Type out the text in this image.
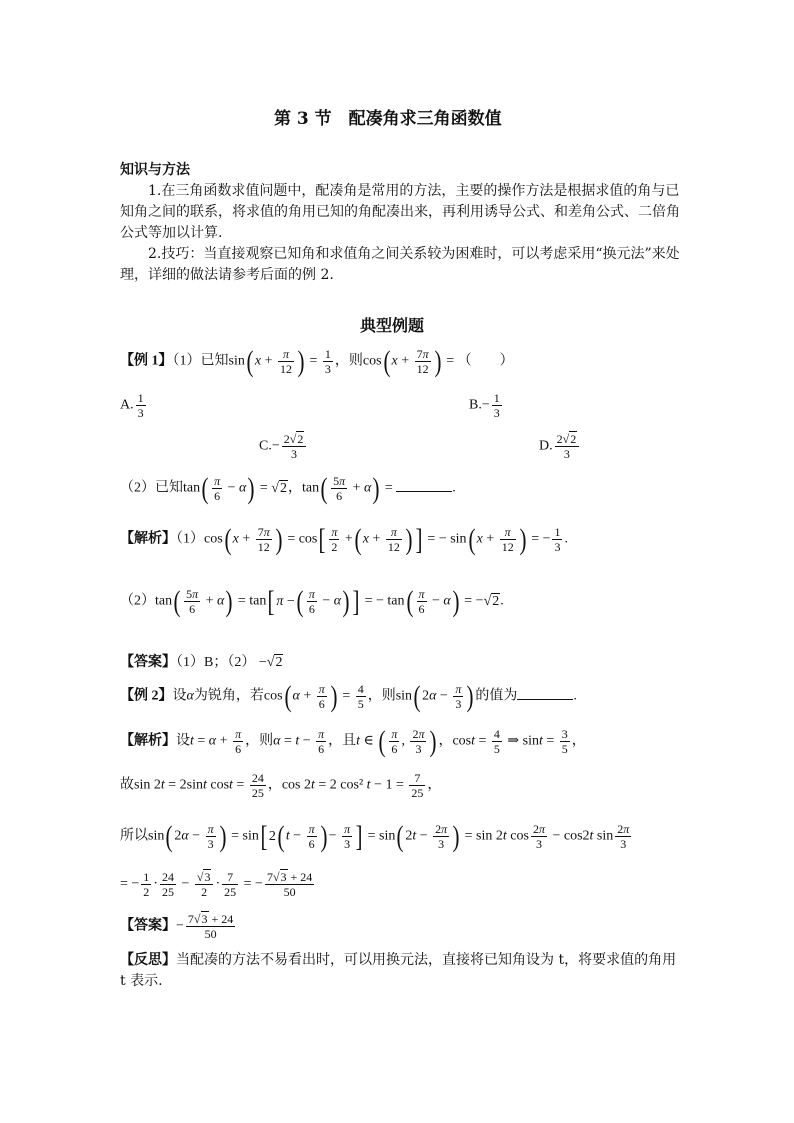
第 3 节　配凑角求三角函数值
知识与方法

1.在三角函数求值问题中，配凑角是常用的方法，主要的操作方法是根据求值的角与已知角之间的联系，将求值的角用已知的角配凑出来，再利用诱导公式、和差角公式、二倍角公式等加以计算.

2.技巧：当直接观察已知角和求值角之间关系较为困难时，可以考虑采用“换元法”来处理，详细的做法请参考后面的例 2.

典型例题
【例 1】（1）已知sin( $x + \frac{\pi}{12}$ ) = $\frac{1}{3}$ ，则cos( $x + \frac{7\pi}{12}$ ) = （　　）
A. $\frac{1}{3}$	$B.- \frac{1}{3}$
$C.- \frac{2√2}{3}$	D. $\frac{2√2}{3}$
（2）已知$\tan( \frac{\pi}{6} - \alpha) = √2$，$\tan( \frac{5\pi}{6} + \alpha)$ =	.
【解析】（1）cos( $x + \frac{7\pi}{12}$ ) = $\cos[ \frac{\pi}{2}$ +( $x + \frac{\pi}{12}$ ) ] = − sin( $x + \frac{\pi}{12}$ ) = − $\frac{1}{3}$ .
$(2)\tan( \frac{5\pi}{6} + \alpha) = \tan$[ π −( $\frac{\pi}{6} - \alpha$) ] = − $\tan( \frac{\pi}{6} - \alpha) = -√2$.
【答案】（1）B；（2） −√2
【例 2】设α为锐角，若cos( $\alpha + \frac{\pi}{6}$ ) = $\frac{4}{5}$ ，则sin( $2\alpha - \frac{\pi}{3}$ ) 的值为	.
【解析】设$t = \alpha + \frac{\pi}{6}$ ，则$\alpha = t - \frac{\pi}{6}$ ，且t ∈ ( $\frac{\pi}{6}$ , $\frac{2\pi}{3}$ ) ，$\cos t = \frac{4}{5}$ ⇒ $\sin t = \frac{3}{5}$ ，
故sin 2t = 2sint $\cos t = \frac{24}{25}$ ，cos 2t = 2 cos² $t - 1 = \frac{7}{25}$ ，
所以sin( $2\alpha - \frac{\pi}{3}$ ) = sin[ 2( $t - \frac{\pi}{6}$ )− $\frac{\pi}{3}$ ] = sin( $2t - \frac{2\pi}{3}$ ) = sin 2t $\cos \frac{2\pi}{3} - \cos 2t$ $\sin \frac{2\pi}{3}$
= − $\frac{1}{2} \cdot \frac{24}{25} - \frac{√3}{2} \cdot \frac{7}{25}$ = − $\frac{7√3 + 24}{50}$
【答案】− $\frac{7√3 + 24}{50}$
【反思】当配凑的方法不易看出时，可以用换元法，直接将已知角设为 t，将要求值的角用 t 表示.
